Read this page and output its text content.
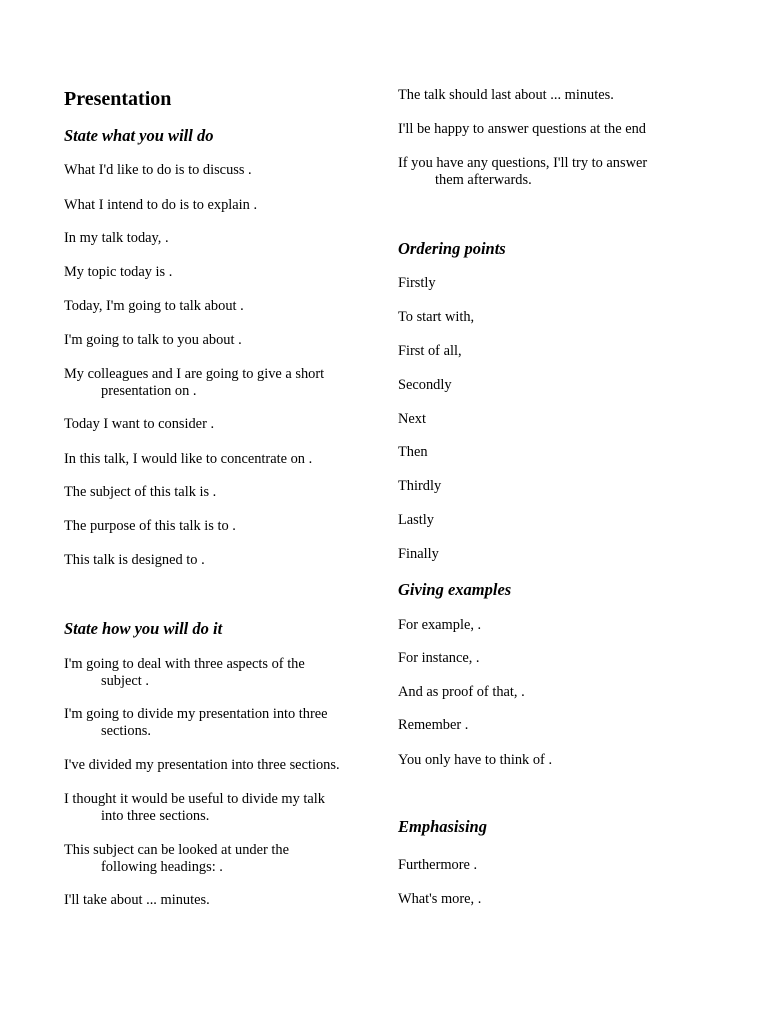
Presentation
State what you will do
What I'd like to do is to discuss .
What I intend to do is to explain .
In my talk today, .
My topic today is .
Today, I'm going to talk about .
I'm going to talk to you about .
My colleagues and I are going to give a short
presentation on .
Today I want to consider .
In this talk, I would like to concentrate on .
The subject of this talk is .
The purpose of this talk is to .
This talk is designed to .
State how you will do it
I'm going to deal with three aspects of the
subject .
I'm going to divide my presentation into three
sections.
I've divided my presentation into three sections.
I thought it would be useful to divide my talk
into three sections.
This subject can be looked at under the
following headings: .
I'll take about ... minutes.
The talk should last about ... minutes.
I'll be happy to answer questions at the end
If you have any questions, I'll try to answer
them afterwards.
Ordering points
Firstly
To start with,
First of all,
Secondly
Next
Then
Thirdly
Lastly
Finally
Giving examples
For example, .
For instance, .
And as proof of that, .
Remember .
You only have to think of .
Emphasising
Furthermore .
What's more, .
